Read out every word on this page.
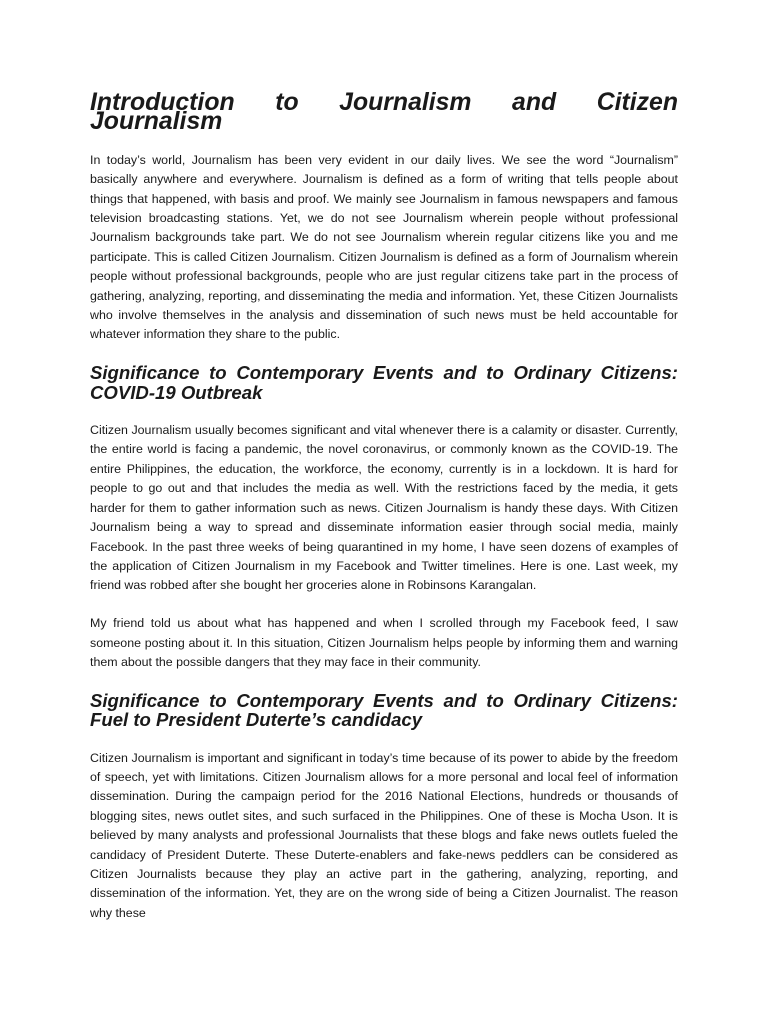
Introduction to Journalism and Citizen Journalism

In today’s world, Journalism has been very evident in our daily lives. We see the word “Journalism” basically anywhere and everywhere. Journalism is defined as a form of writing that tells people about things that happened, with basis and proof. We mainly see Journalism in famous newspapers and famous television broadcasting stations. Yet, we do not see Journalism wherein people without professional Journalism backgrounds take part. We do not see Journalism wherein regular citizens like you and me participate. This is called Citizen Journalism. Citizen Journalism is defined as a form of Journalism wherein people without professional backgrounds, people who are just regular citizens take part in the process of gathering, analyzing, reporting, and disseminating the media and information. Yet, these Citizen Journalists who involve themselves in the analysis and dissemination of such news must be held accountable for whatever information they share to the public.

Significance to Contemporary Events and to Ordinary Citizens: COVID-19 Outbreak

Citizen Journalism usually becomes significant and vital whenever there is a calamity or disaster. Currently, the entire world is facing a pandemic, the novel coronavirus, or commonly known as the COVID-19. The entire Philippines, the education, the workforce, the economy, currently is in a lockdown. It is hard for people to go out and that includes the media as well. With the restrictions faced by the media, it gets harder for them to gather information such as news. Citizen Journalism is handy these days. With Citizen Journalism being a way to spread and disseminate information easier through social media, mainly Facebook. In the past three weeks of being quarantined in my home, I have seen dozens of examples of the application of Citizen Journalism in my Facebook and Twitter timelines. Here is one. Last week, my friend was robbed after she bought her groceries alone in Robinsons Karangalan.

My friend told us about what has happened and when I scrolled through my Facebook feed, I saw someone posting about it. In this situation, Citizen Journalism helps people by informing them and warning them about the possible dangers that they may face in their community.

Significance to Contemporary Events and to Ordinary Citizens: Fuel to President Duterte’s candidacy

Citizen Journalism is important and significant in today’s time because of its power to abide by the freedom of speech, yet with limitations. Citizen Journalism allows for a more personal and local feel of information dissemination. During the campaign period for the 2016 National Elections, hundreds or thousands of blogging sites, news outlet sites, and such surfaced in the Philippines. One of these is Mocha Uson. It is believed by many analysts and professional Journalists that these blogs and fake news outlets fueled the candidacy of President Duterte. These Duterte-enablers and fake-news peddlers can be considered as Citizen Journalists because they play an active part in the gathering, analyzing, reporting, and dissemination of the information. Yet, they are on the wrong side of being a Citizen Journalist. The reason why these
